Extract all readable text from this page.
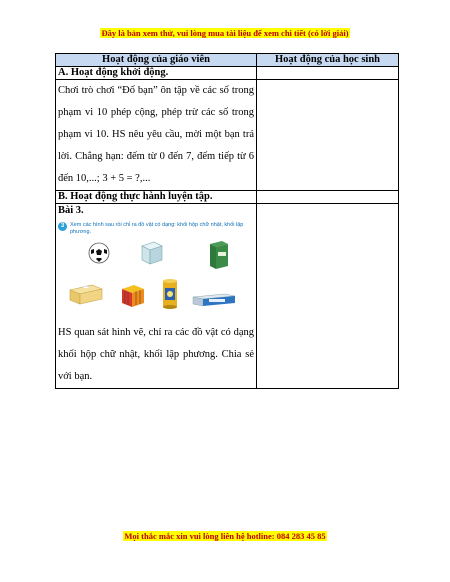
Đây là bản xem thử, vui lòng mua tài liệu để xem chi tiết (có lời giải)
Hoạt động của giáo viên	Hoạt động của học sinh
A. Hoạt động khởi động.	
Chơi trò chơi “Đố bạn” ôn tập về các số trong phạm vi 10 phép cộng, phép trừ các số trong phạm vi 10. HS nêu yêu cầu, mời một bạn trả lời. Chẳng hạn: đếm từ 0 đến 7, đếm tiếp từ 6 đến 10,...; 3 + 5 = ?,...	
B. Hoạt động thực hành luyện tập.	

Bài 3.
3 Xem các hình sau rồi chỉ ra đồ vật có dạng: khối hộp chữ nhật, khối lập phương.
HS quan sát hình vẽ, chỉ ra các đồ vật có dạng khối hộp chữ nhật, khối lập phương. Chia sẻ với bạn.	

Mọi thắc mắc xin vui lòng liên hệ hotline: 084 283 45 85
